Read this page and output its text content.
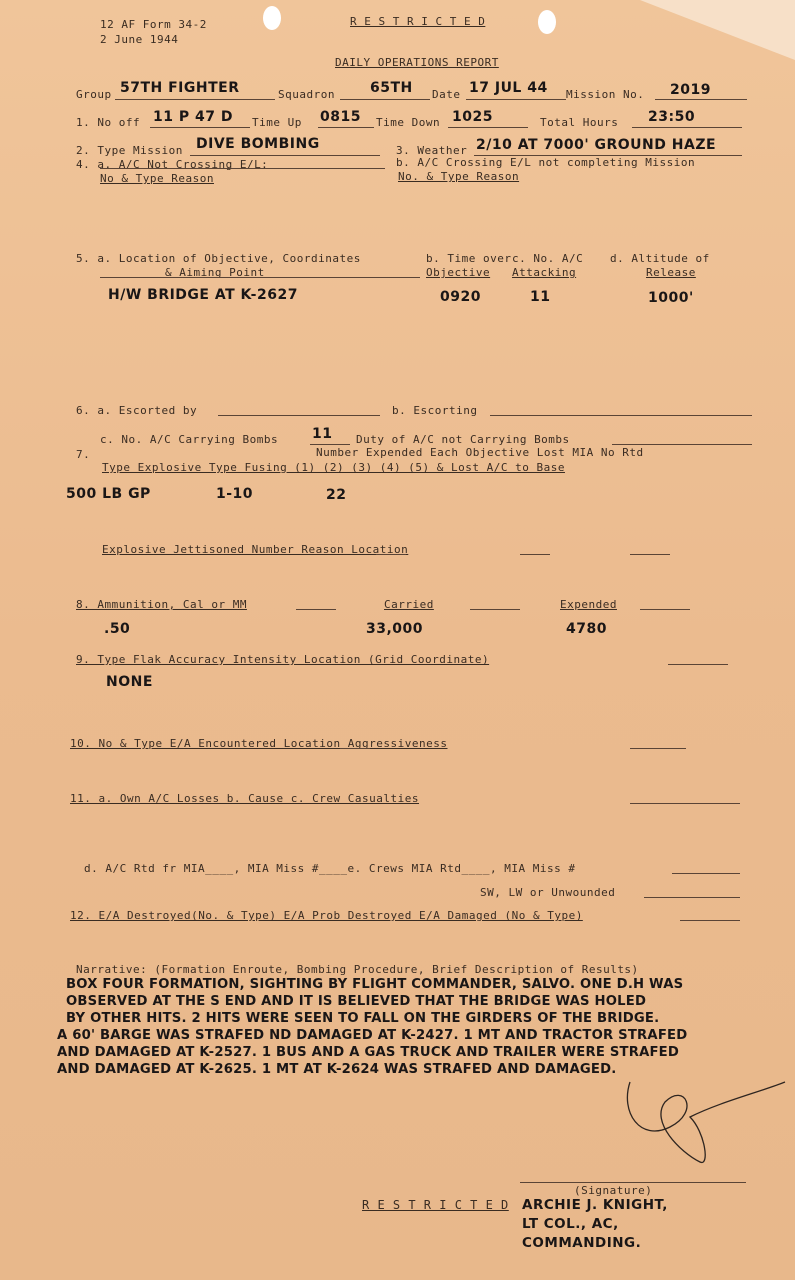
12 AF Form 34-2
2 June 1944
R E S T R I C T E D
DAILY OPERATIONS REPORT
Group 57TH FIGHTER	Squadron	65TH Date 17 JUL 44 Mission No. 2019
1. No off 11 P 47 D Time Up 0815 Time Down 1025	Total Hours 23:50
2. Type Mission DIVE BOMBING	3. Weather 2/10 AT 7000' GROUND HAZE
4. a. A/C Not Crossing E/L:
No & Type Reason
b. A/C Crossing E/L not completing Mission
No. & Type Reason
5. a. Location of Objective, Coordinates
& Aiming Point
b. Time over
Objective
c. No. A/C
Attacking
d. Altitude of
Release
H/W BRIDGE AT K-2627	0920	11	1000'
6. a. Escorted by	b. Escorting
c. No. A/C Carrying Bombs 11 Duty of A/C not Carrying Bombs
7.	Number Expended Each Objective Lost MIA No Rtd
Type Explosive Type Fusing (1) (2) (3) (4) (5) & Lost A/C to Base
500 LB GP	1-10	22
Explosive Jettisoned Number Reason Location
8. Ammunition, Cal or MM	Carried	Expended
.50	33,000	4780
9. Type Flak Accuracy Intensity Location (Grid Coordinate)
NONE
10. No & Type E/A Encountered Location Aggressiveness
11. a. Own A/C Losses b. Cause c. Crew Casualties
d. A/C Rtd fr MIA____, MIA Miss #____e. Crews MIA Rtd____, MIA Miss #
SW, LW or Unwounded
12. E/A Destroyed(No. & Type) E/A Prob Destroyed E/A Damaged (No & Type)
Narrative: (Formation Enroute, Bombing Procedure, Brief Description of Results)
BOX FOUR FORMATION, SIGHTING BY FLIGHT COMMANDER, SALVO. ONE D.H WAS
OBSERVED AT THE S END AND IT IS BELIEVED THAT THE BRIDGE WAS HOLED
BY OTHER HITS. 2 HITS WERE SEEN TO FALL ON THE GIRDERS OF THE BRIDGE.
A 60' BARGE WAS STRAFED ND DAMAGED AT K-2427. 1 MT AND TRACTOR STRAFED
AND DAMAGED AT K-2527. 1 BUS AND A GAS TRUCK AND TRAILER WERE STRAFED
AND DAMAGED AT K-2625. 1 MT AT K-2624 WAS STRAFED AND DAMAGED.
(Signature)
R E S T R I C T E D ARCHIE J. KNIGHT,
LT COL., AC,
COMMANDING.
